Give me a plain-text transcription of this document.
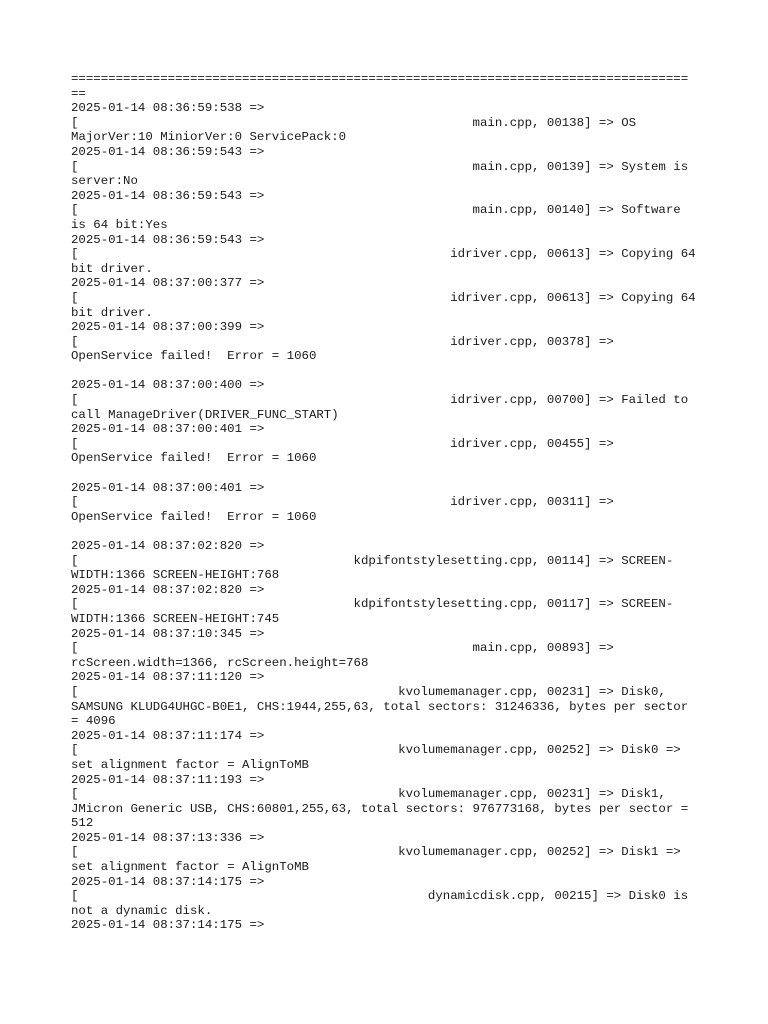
===================================================================================
==
2025-01-14 08:36:59:538 =>
[                                                     main.cpp, 00138] => OS
MajorVer:10 MiniorVer:0 ServicePack:0
2025-01-14 08:36:59:543 =>
[                                                     main.cpp, 00139] => System is
server:No
2025-01-14 08:36:59:543 =>
[                                                     main.cpp, 00140] => Software
is 64 bit:Yes
2025-01-14 08:36:59:543 =>
[                                                  idriver.cpp, 00613] => Copying 64
bit driver.
2025-01-14 08:37:00:377 =>
[                                                  idriver.cpp, 00613] => Copying 64
bit driver.
2025-01-14 08:37:00:399 =>
[                                                  idriver.cpp, 00378] =>
OpenService failed!  Error = 1060
2025-01-14 08:37:00:400 =>
[                                                  idriver.cpp, 00700] => Failed to
call ManageDriver(DRIVER_FUNC_START)
2025-01-14 08:37:00:401 =>
[                                                  idriver.cpp, 00455] =>
OpenService failed!  Error = 1060
2025-01-14 08:37:00:401 =>
[                                                  idriver.cpp, 00311] =>
OpenService failed!  Error = 1060
2025-01-14 08:37:02:820 =>
[                                     kdpifontstylesetting.cpp, 00114] => SCREEN-
WIDTH:1366 SCREEN-HEIGHT:768
2025-01-14 08:37:02:820 =>
[                                     kdpifontstylesetting.cpp, 00117] => SCREEN-
WIDTH:1366 SCREEN-HEIGHT:745
2025-01-14 08:37:10:345 =>
[                                                     main.cpp, 00893] =>
rcScreen.width=1366, rcScreen.height=768
2025-01-14 08:37:11:120 =>
[                                           kvolumemanager.cpp, 00231] => Disk0,
SAMSUNG KLUDG4UHGC-B0E1, CHS:1944,255,63, total sectors: 31246336, bytes per sector
= 4096
2025-01-14 08:37:11:174 =>
[                                           kvolumemanager.cpp, 00252] => Disk0 =>
set alignment factor = AlignToMB
2025-01-14 08:37:11:193 =>
[                                           kvolumemanager.cpp, 00231] => Disk1,
JMicron Generic USB, CHS:60801,255,63, total sectors: 976773168, bytes per sector =
512
2025-01-14 08:37:13:336 =>
[                                           kvolumemanager.cpp, 00252] => Disk1 =>
set alignment factor = AlignToMB
2025-01-14 08:37:14:175 =>
[                                               dynamicdisk.cpp, 00215] => Disk0 is
not a dynamic disk.
2025-01-14 08:37:14:175 =>
